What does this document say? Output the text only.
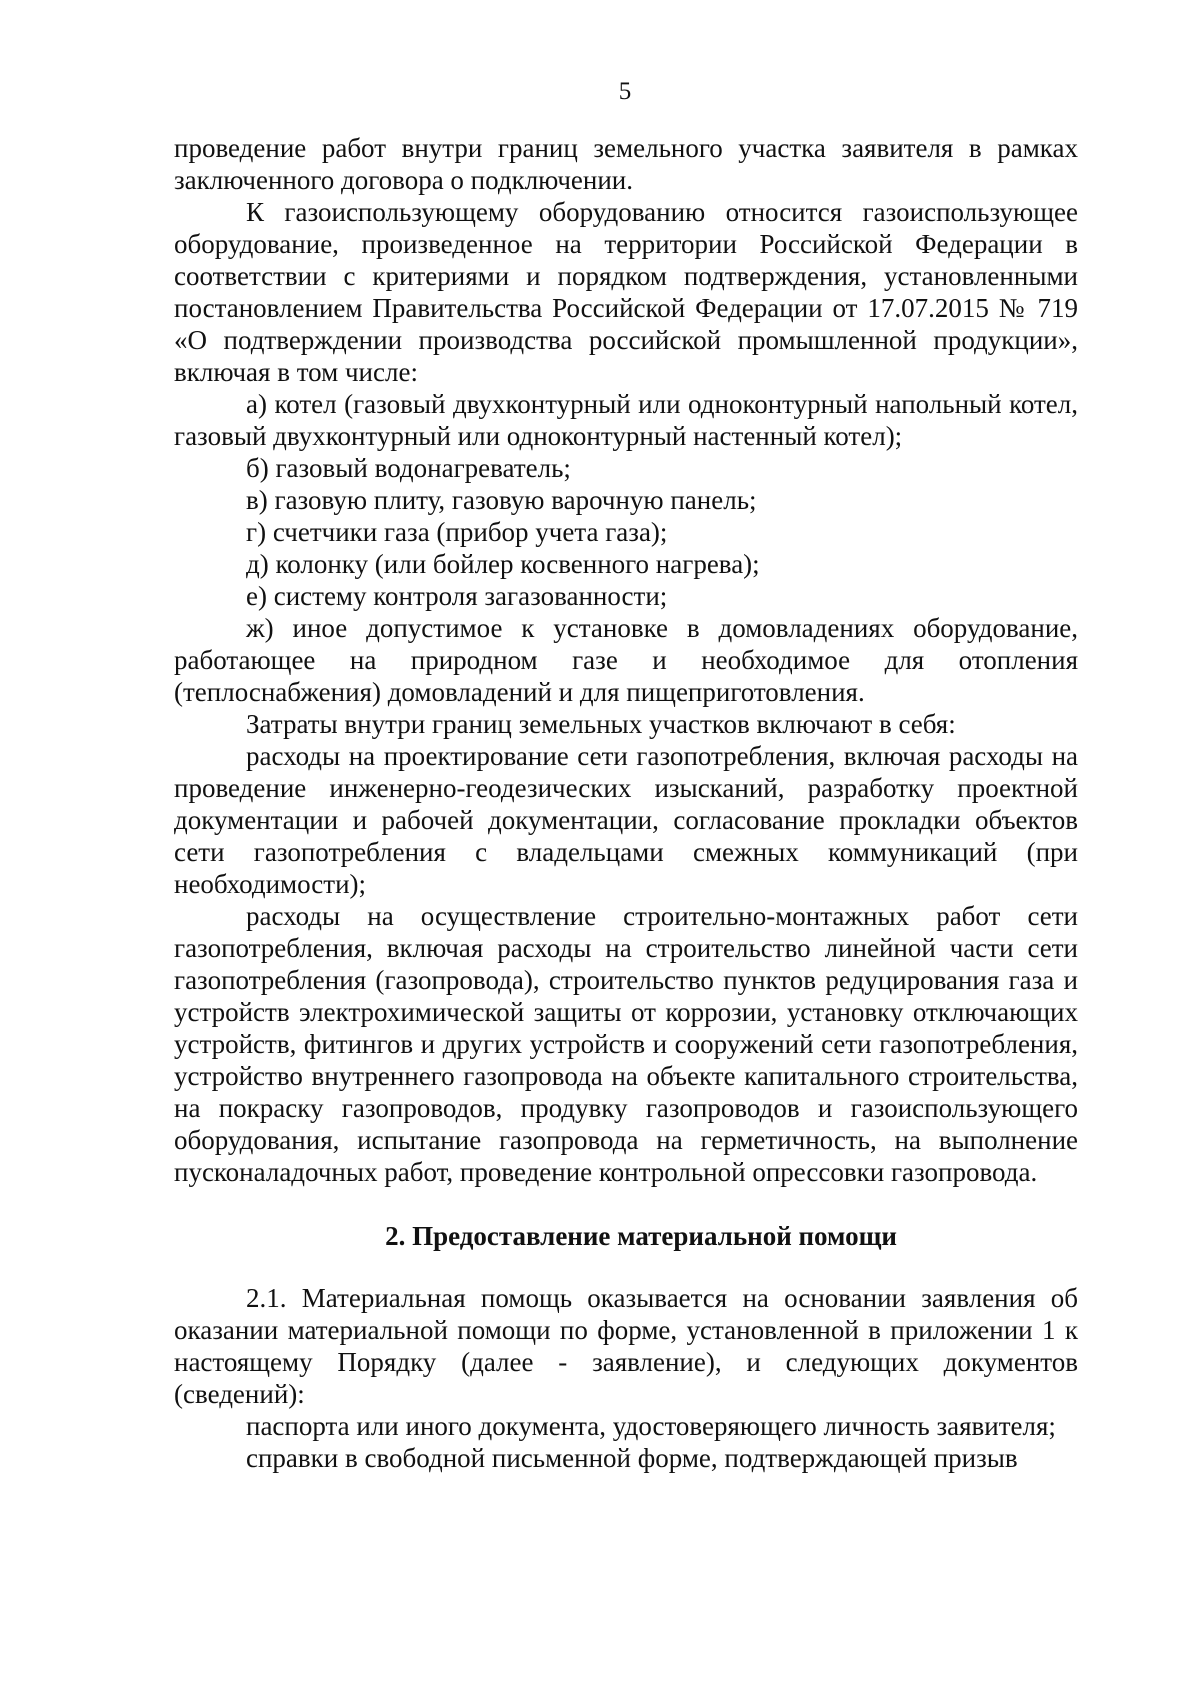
5

проведение работ внутри границ земельного участка заявителя в рамках заключенного договора о подключении.

К газоиспользующему оборудованию относится газоиспользующее оборудование, произведенное на территории Российской Федерации в соответствии с критериями и порядком подтверждения, установленными постановлением Правительства Российской Федерации от 17.07.2015 № 719 «О подтверждении производства российской промышленной продукции», включая в том числе:

а) котел (газовый двухконтурный или одноконтурный напольный котел, газовый двухконтурный или одноконтурный настенный котел);

б) газовый водонагреватель;

в) газовую плиту, газовую варочную панель;

г) счетчики газа (прибор учета газа);

д) колонку (или бойлер косвенного нагрева);

е) систему контроля загазованности;

ж) иное допустимое к установке в домовладениях оборудование, работающее на природном газе и необходимое для отопления (теплоснабжения) домовладений и для пищеприготовления.

Затраты внутри границ земельных участков включают в себя:

расходы на проектирование сети газопотребления, включая расходы на проведение инженерно-геодезических изысканий, разработку проектной документации и рабочей документации, согласование прокладки объектов сети газопотребления с владельцами смежных коммуникаций (при необходимости);

расходы на осуществление строительно-монтажных работ сети газопотребления, включая расходы на строительство линейной части сети газопотребления (газопровода), строительство пунктов редуцирования газа и устройств электрохимической защиты от коррозии, установку отключающих устройств, фитингов и других устройств и сооружений сети газопотребления, устройство внутреннего газопровода на объекте капитального строительства, на покраску газопроводов, продувку газопроводов и газоиспользующего оборудования, испытание газопровода на герметичность, на выполнение пусконаладочных работ, проведение контрольной опрессовки газопровода.

2. Предоставление материальной помощи

2.1. Материальная помощь оказывается на основании заявления об оказании материальной помощи по форме, установленной в приложении 1 к настоящему Порядку (далее - заявление), и следующих документов (сведений):

паспорта или иного документа, удостоверяющего личность заявителя;

справки в свободной письменной форме, подтверждающей призыв
